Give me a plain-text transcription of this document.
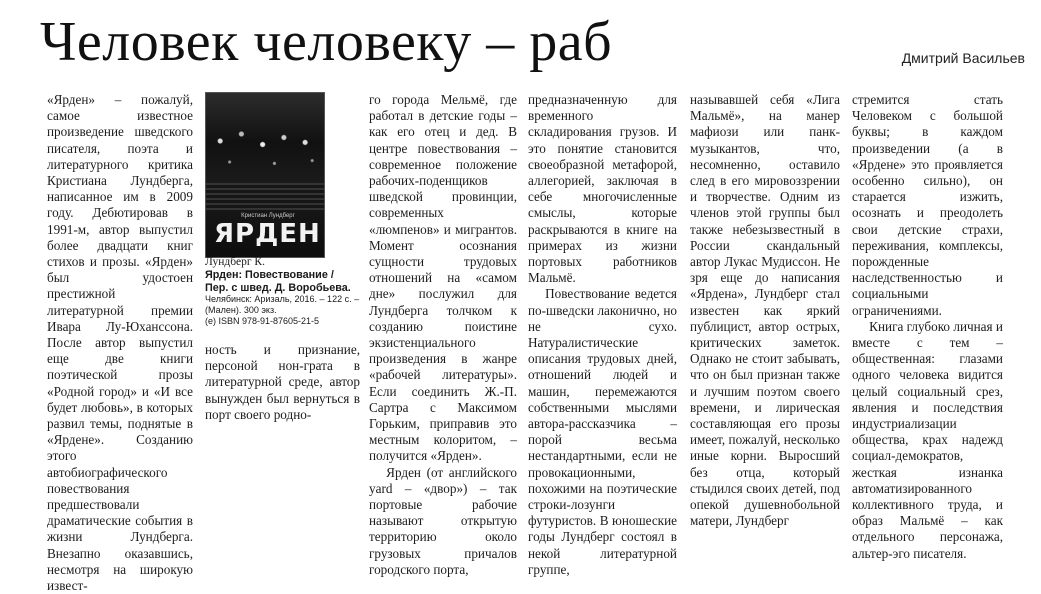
Человек человеку – раб	Дмитрий Васильев

«Ярден» – пожалуй, самое известное произведение шведского писателя, поэта и литературного критика Кристиана Лундберга, написанное им в 2009 году. Дебютировав в 1991-м, автор выпустил более двадцати книг стихов и прозы. «Ярден» был удостоен престижной литературной премии Ивара Лу-Юханссона. После автор выпустил еще две книги поэтической прозы «Родной город» и «И все будет любовь», в которых развил темы, поднятые в «Ярдене». Созданию этого автобиографического повествования предшествовали драматические события в жизни Лундберга. Внезапно оказавшись, несмотря на широкую извест-

Кристиан Лундберг
ЯРДЕН
Лундберг К.
Ярден: Повествование / Пер. с швед. Д. Воробьева.
Челябинск: Аризаль, 2016. – 122 с. – (Мален). 300 экз.
(е) ISBN 978-91-87605-21-5

ность и признание, персоной нон-грата в литературной среде, автор вынужден был вернуться в порт своего родно-

го города Мельмё, где работал в детские годы – как его отец и дед. В центре повествования – современное положение рабочих-поденщиков шведской провинции, современных «люмпенов» и мигрантов. Момент осознания сущности трудовых отношений на «самом дне» послужил для Лундберга толчком к созданию поистине экзистенциального произведения в жанре «рабочей литературы». Если соединить Ж.-П. Сартра с Максимом Горьким, приправив это местным колоритом, – получится «Ярден».

Ярден (от английского yard – «двор») – так портовые рабочие называют открытую территорию около грузовых причалов городского порта,

предназначенную для временного складирования грузов. И это понятие становится своеобразной метафорой, аллегорией, заключая в себе многочисленные смыслы, которые раскрываются в книге на примерах из жизни портовых работников Мальмё.

Повествование ведется по-шведски лаконично, но не сухо. Натуралистические описания трудовых дней, отношений людей и машин, перемежаются собственными мыслями автора-рассказчика – порой весьма нестандартными, если не провокационными, похожими на поэтические строки-лозунги футуристов. В юношеские годы Лундберг состоял в некой литературной группе,

называвшей себя «Лига Мальмё», на манер мафиози или панк-музыкантов, что, несомненно, оставило след в его мировоззрении и творчестве. Одним из членов этой группы был также небезызвестный в России скандальный автор Лукас Мудиссон. Не зря еще до написания «Ярдена», Лундберг стал известен как яркий публицист, автор острых, критических заметок. Однако не стоит забывать, что он был признан также и лучшим поэтом своего времени, и лирическая составляющая его прозы имеет, пожалуй, несколько иные корни. Выросший без отца, который стыдился своих детей, под опекой душевнобольной матери, Лундберг

стремится стать Человеком с большой буквы; в каждом произведении (а в «Ярдене» это проявляется особенно сильно), он старается изжить, осознать и преодолеть свои детские страхи, переживания, комплексы, порожденные наследственностью и социальными ограничениями.

Книга глубоко личная и вместе с тем – общественная: глазами одного человека видится целый социальный срез, явления и последствия индустриализации общества, крах надежд социал-демократов, жесткая изнанка автоматизированного коллективного труда, и образ Мальмё – как отдельного персонажа, альтер-эго писателя.
